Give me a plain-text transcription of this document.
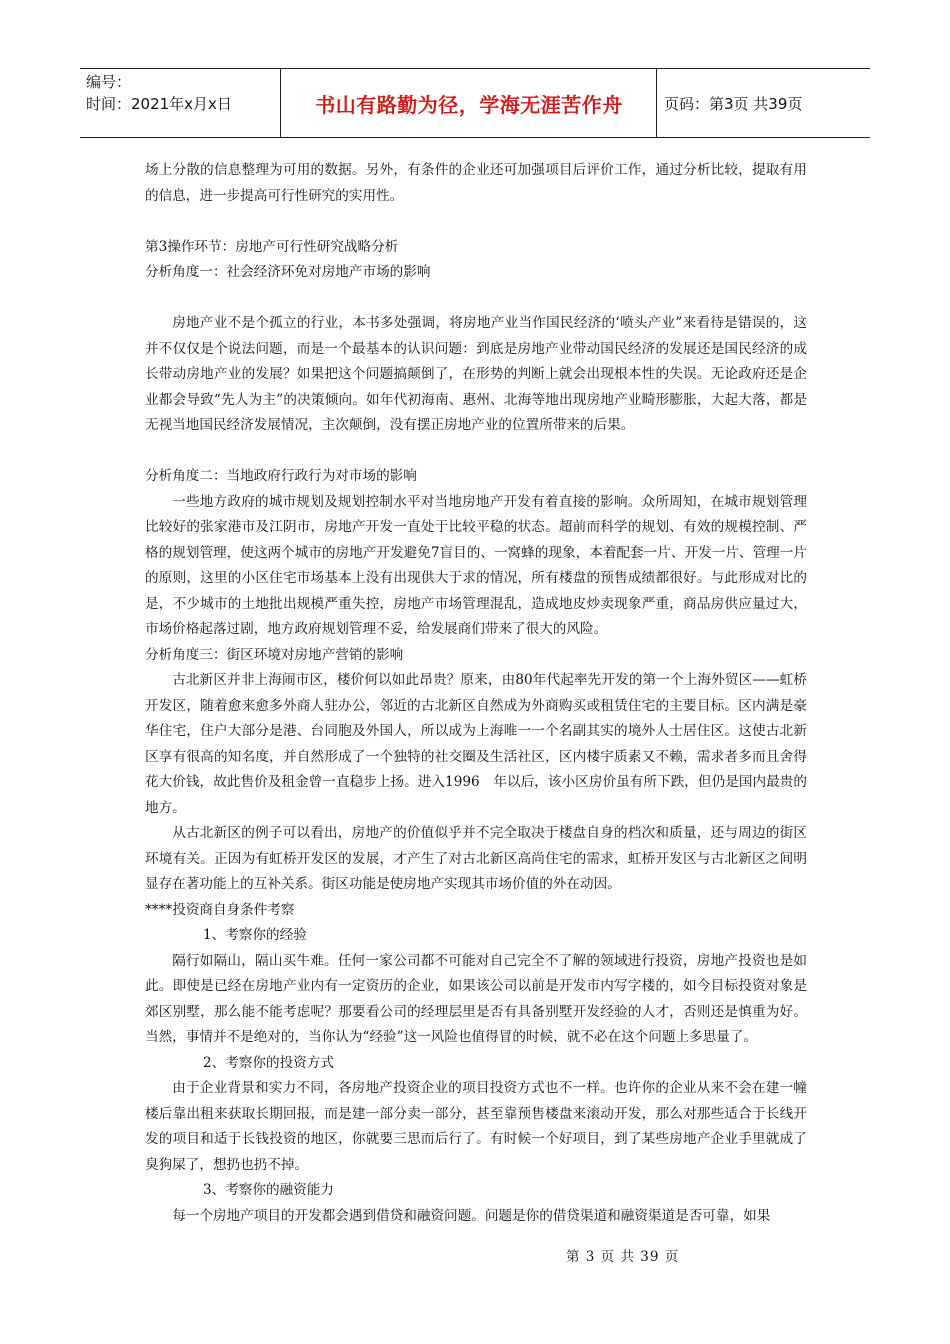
编号：
时间：2021年x月x日	书山有路勤为径，学海无涯苦作舟	页码：第3页 共39页

场上分散的信息整理为可用的数据。另外，有条件的企业还可加强项目后评价工作，通过分析比较，提取有用的信息，进一步提高可行性研究的实用性。

第3操作环节：房地产可行性研究战略分析

分析角度一：社会经济环免对房地产市场的影响

房地产业不是个孤立的行业，本书多处强调，将房地产业当作国民经济的‘喷头产业”来看待是错误的，这并不仅仅是个说法问题，而是一个最基本的认识问题：到底是房地产业带动国民经济的发展还是国民经济的成长带动房地产业的发展？如果把这个问题搞颠倒了，在形势的判断上就会出现根本性的失误。无论政府还是企业都会导致“先人为主”的决策倾向。如年代初海南、惠州、北海等地出现房地产业畸形膨胀，大起大落，都是无视当地国民经济发展情况，主次颠倒，没有摆正房地产业的位置所带来的后果。

分析角度二：当地政府行政行为对市场的影响

一些地方政府的城市规划及规划控制水平对当地房地产开发有着直接的影响。众所周知，在城市规划管理比较好的张家港市及江阴市，房地产开发一直处于比较平稳的状态。超前而科学的规划、有效的规模控制、严格的规划管理，使这两个城市的房地产开发避免7盲目的、一窝蜂的现象，本着配套一片、开发一片、管理一片的原则，这里的小区住宅市场基本上没有出现供大于求的情况，所有楼盘的预售成绩都很好。与此形成对比的是，不少城市的土地批出规模严重失控，房地产市场管理混乱，造成地皮炒卖现象严重，商品房供应量过大，市场价格起落过剧，地方政府规划管理不妥，给发展商们带来了很大的风险。

分析角度三：街区环境对房地产营销的影响

古北新区并非上海闹市区，楼价何以如此昂贵？原来，由80年代起率先开发的第一个上海外贸区——虹桥开发区，随着愈来愈多外商人驻办公，邻近的古北新区自然成为外商购买或租赁住宅的主要目标。区内满是豪华住宅，住户大部分是港、台同胞及外国人，所以成为上海唯一一个名副其实的境外人士居住区。这使古北新区享有很高的知名度，并自然形成了一个独特的社交圈及生活社区，区内楼宇质素又不赖，需求者多而且舍得花大价钱，故此售价及租金曾一直稳步上扬。进入1996　年以后，该小区房价虽有所下跌，但仍是国内最贵的地方。

从古北新区的例子可以看出，房地产的价值似乎并不完全取决于楼盘自身的档次和质量，还与周边的街区环境有关。正因为有虹桥开发区的发展，才产生了对古北新区高尚住宅的需求，虹桥开发区与古北新区之间明显存在著功能上的互补关系。街区功能是使房地产实现其市场价值的外在动因。

****投资商自身条件考察

1、考察你的经验

隔行如隔山，隔山买牛难。任何一家公司都不可能对自己完全不了解的领域进行投资，房地产投资也是如此。即使是已经在房地产业内有一定资历的企业，如果该公司以前是开发市内写字楼的，如今目标投资对象是郊区别墅，那么能不能考虑呢？那要看公司的经理层里是否有具备别墅开发经验的人才，否则还是慎重为好。当然，事情并不是绝对的，当你认为“经验”这一风险也值得冒的时候，就不必在这个问题上多思量了。

2、考察你的投资方式

由于企业背景和实力不同，各房地产投资企业的项目投资方式也不一样。也许你的企业从来不会在建一幢楼后靠出租来获取长期回报，而是建一部分卖一部分，甚至靠预售楼盘来滚动开发，那么对那些适合于长线开发的项目和适于长钱投资的地区，你就要三思而后行了。有时候一个好项目，到了某些房地产企业手里就成了臭狗屎了，想扔也扔不掉。

3、考察你的融资能力

每一个房地产项目的开发都会遇到借贷和融资问题。问题是你的借贷渠道和融资渠道是否可靠，如果

第 3 页 共 39 页
